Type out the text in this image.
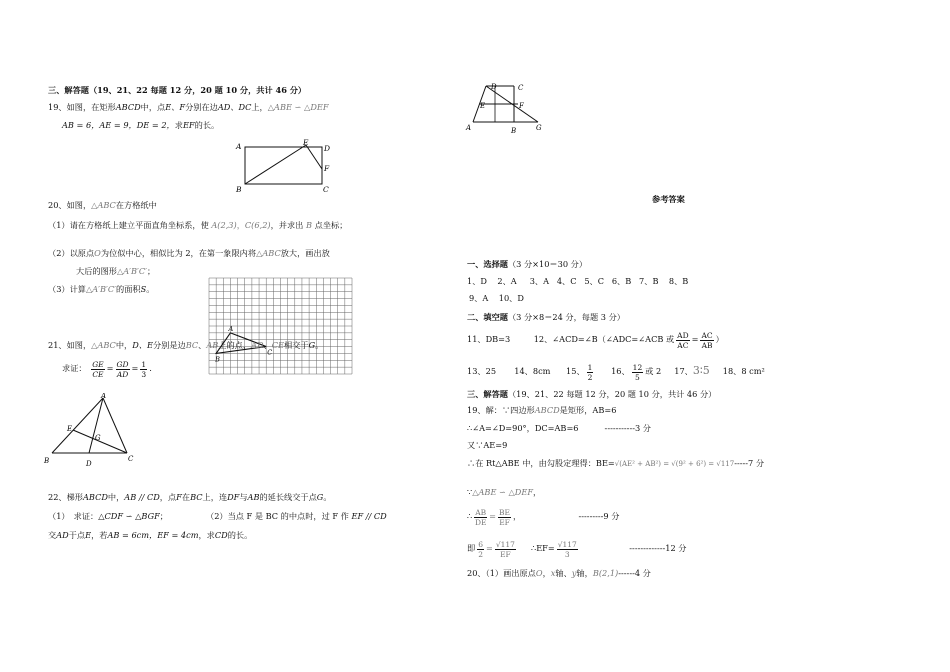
三、解答题（19、21、22 每题 12 分，20 题 10 分，共计 46 分）
19、如图，在矩形ABCD中，点E、F分别在边AD、DC上，△ABE ∽ △DEF
AB = 6，AE = 9，DE = 2，求EF的长。
A
B	C
D
E
F
20、如图，△ABC在方格纸中
（1）请在方格纸上建立平面直角坐标系，使 A(2,3)，C(6,2)，并求出 B 点坐标；
（2）以原点O为位似中心，相似比为 2，在第一象限内将△ABC放大，画出放
大后的图形△A′B′C′；
（3）计算△A′B′C′的面积S。
A
B
C
21、如图，△ABC中，D、E分别是边BC、AB上的点，AD、CE相交于G。
求证： $\frac{GE}{CE} = \frac{GD}{AD} = \frac{1}{3}$ .
A
B	C
D
E
G
22、梯形ABCD中，AB // CD，点F在BC上，连DF与AB的延长线交于点G。
（1）　求证：△CDF ∽ △BGF；	（2）当点 F 是 BC 的中点时，过 F 作 EF // CD
交AD于点E，若AB = 6cm，EF = 4cm，求CD的长。
D	C
E	F
A	B	G
参考答案
一、选择题（3 分×10＝30 分）
1、D 2、A 3、A 4、C 5、C 6、B 7、B 8、B
9、A 10、D
二、填空题（3 分×8＝24 分，每题 3 分）
11、DB=3	12、∠ACD=∠B（∠ADC=∠ACB 或 $\frac{AD}{AC} = \frac{AC}{AB}$ ）
13、25 14、8cm 15、 $\frac{1}{2} 16$、 $\frac{12}{5}$ 或 2 17、3∶5 18、8 cm²
三、解答题（19、21、22 每题 12 分，20 题 10 分，共计 46 分）
19、解：∵四边形ABCD是矩形，AB=6
∴∠A=∠D=90°，DC=AB=6	-----------3 分
又∵AE=9
∴在 Rt△ABE 中，由勾股定理得：BE=√(AE² + AB²) = √(9² + 6²) = √117-----7 分
∵△ABE ∽ △DEF，
∴ $\frac{AB}{DE} = \frac{BE}{EF}$ ，	---------9 分
即 $\frac{6}{2} = \frac{√117}{EF}$ ∴EF= $\frac{√117}{3}$	-------------12 分
20、（1）画出原点O，x轴、y轴，B(2,1)------4 分
